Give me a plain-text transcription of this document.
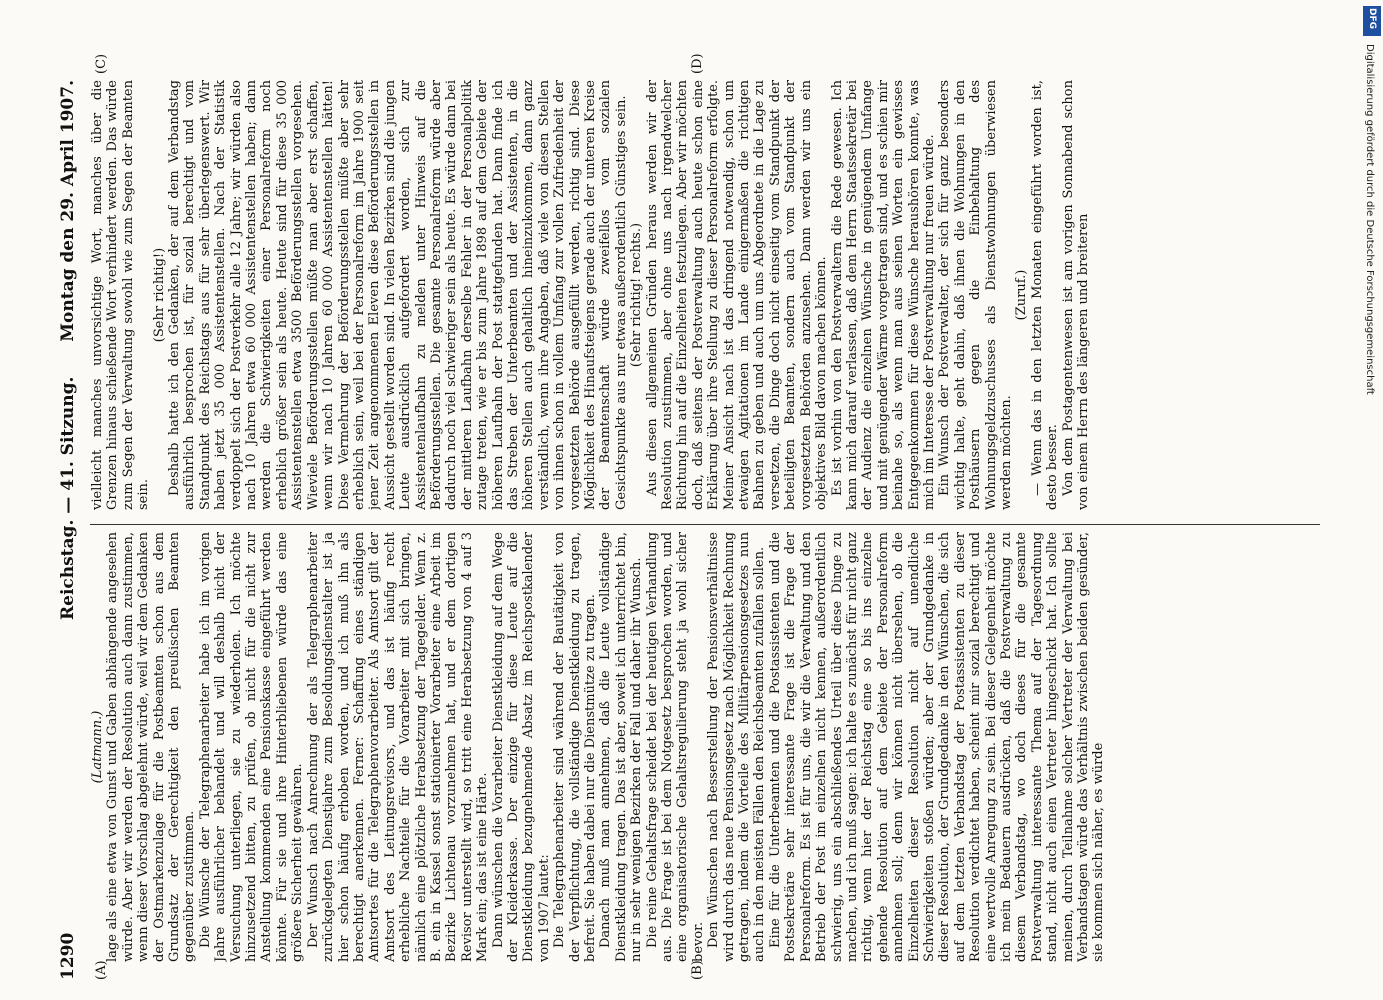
1290
Reichstag. — 41. Sitzung.
Montag den 29. April 1907.
(A)	(B)
(C)	(D)

(Latmann.) lage als eine etwa von Gunst und Gaben abhängende angesehen würde. Aber wir werden der Resolution auch dann zustimmen, wenn dieser Vorschlag abgelehnt würde, weil wir dem Gedanken der Ostmarkenzulage für die Postbeamten schon aus dem Grundsatz der Gerechtigkeit den preußischen Beamten gegenüber zustimmen. Die Wünsche der Telegraphenarbeiter habe ich im vorigen Jahre ausführlicher behandelt und will deshalb nicht der Versuchung unterliegen, sie zu wiederholen. Ich möchte hinzusetzend bitten, zu prüfen, ob nicht für die nicht zur Anstellung kommenden eine Pensionskasse eingeführt werden könnte. Für sie und ihre Hinterbliebenen würde das eine größere Sicherheit gewähren. Der Wunsch nach Anrechnung der als Telegraphenarbeiter zurückgelegten Dienstjahre zum Besoldungsdienstalter ist ja hier schon häufig erhoben worden, und ich muß ihn als berechtigt anerkennen. Ferner: Schaffung eines ständigen Amtsortes für die Telegraphenvorarbeiter. Als Amtsort gilt der Amtsort des Leitungsrevisors, und das ist häufig recht erhebliche Nachteile für die Vorarbeiter mit sich bringen, nämlich eine plötzliche Herabsetzung der Tagegelder. Wenn z. B. ein in Kassel sonst stationierter Vorarbeiter eine Arbeit im Bezirke Lichtenau vorzunehmen hat, und er dem dortigen Revisor unterstellt wird, so tritt eine Herabsetzung von 4 auf 3 Mark ein; das ist eine Härte. Dann wünschen die Vorarbeiter Dienstkleidung auf dem Wege der Kleiderkasse. Der einzige für diese Leute auf die Dienstkleidung bezugnehmende Absatz im Reichspostkalender von 1907 lautet: Die Telegraphenarbeiter sind während der Bautätigkeit von der Verpflichtung, die vollständige Dienstkleidung zu tragen, befreit. Sie haben dabei nur die Dienstmütze zu tragen. Danach muß man annehmen, daß die Leute vollständige Dienstkleidung tragen. Das ist aber, soweit ich unterrichtet bin, nur in sehr wenigen Bezirken der Fall und daher ihr Wunsch. Die reine Gehaltsfrage scheidet bei der heutigen Verhandlung aus. Die Frage ist bei dem Notgesetz besprochen worden, und eine organisatorische Gehaltsregulierung steht ja wohl sicher bevor. Den Wünschen nach Besserstellung der Pensionsverhältnisse wird durch das neue Pensionsgesetz nach Möglichkeit Rechnung getragen, indem die Vorteile des Militärpensionsgesetzes nun auch in den meisten Fällen den Reichsbeamten zufallen sollen. Eine für die Unterbeamten und die Postassistenten und die Postsekretäre sehr interessante Frage ist die Frage der Personalreform. Es ist für uns, die wir die Verwaltung und den Betrieb der Post im einzelnen nicht kennen, außerordentlich schwierig, uns ein abschließendes Urteil über diese Dinge zu machen, und ich muß sagen: ich halte es zunächst für nicht ganz richtig, wenn hier der Reichstag eine so bis ins einzelne gehende Resolution auf dem Gebiete der Personalreform annehmen soll; denn wir können nicht übersehen, ob die Einzelheiten dieser Resolution nicht auf unendliche Schwierigkeiten stoßen würden; aber der Grundgedanke in dieser Resolution, der Grundgedanke in den Wünschen, die sich auf dem letzten Verbandstag der Postassistenten zu dieser Resolution verdichtet haben, scheint mir sozial berechtigt und eine wertvolle Anregung zu sein. Bei dieser Gelegenheit möchte ich mein Bedauern ausdrücken, daß die Postverwaltung zu diesem Verbandstag, wo doch dieses für die gesamte Postverwaltung interessante Thema auf der Tagesordnung stand, nicht auch einen Vertreter hingeschickt hat. Ich sollte meinen, durch Teilnahme solcher Vertreter der Verwaltung bei Verbandstagen würde das Verhältnis zwischen beiden gesünder, sie kommen sich näher, es würde

vielleicht manches unvorsichtige Wort, manches über die Grenzen hinaus schießende Wort verhindert werden. Das würde zum Segen der Verwaltung sowohl wie zum Segen der Beamten sein.

(Sehr richtig!) Deshalb hatte ich den Gedanken, der auf dem Verbandstag ausführlich besprochen ist, für sozial berechtigt und vom Standpunkt des Reichstags aus für sehr überlegenswert. Wir haben jetzt 35 000 Assistentenstellen. Nach der Statistik verdoppelt sich der Postverkehr alle 12 Jahre; wir würden also nach 10 Jahren etwa 60 000 Assistentenstellen haben; dann werden die Schwierigkeiten einer Personalreform noch erheblich größer sein als heute. Heute sind für diese 35 000 Assistentenstellen etwa 3500 Beförderungsstellen vorgesehen. Wieviele Beförderungsstellen müßte man aber erst schaffen, wenn wir nach 10 Jahren 60 000 Assistentenstellen hätten! Diese Vermehrung der Beförderungsstellen müßte aber sehr erheblich sein, weil bei der Personalreform im Jahre 1900 seit jener Zeit angenommenen Eleven diese Beförderungsstellen in Aussicht gestellt worden sind. In vielen Bezirken sind die jungen Leute ausdrücklich aufgefordert worden, sich zur Assistentenlaufbahn zu melden unter Hinweis auf die Beförderungsstellen. Die gesamte Personalreform würde aber dadurch noch viel schwieriger sein als heute. Es würde dann bei der mittleren Laufbahn derselbe Fehler in der Personalpolitik zutage treten, wie er bis zum Jahre 1898 auf dem Gebiete der höheren Laufbahn der Post stattgefunden hat. Dann finde ich das Streben der Unterbeamten und der Assistenten, in die höheren Stellen auch gehaltlich hineinzukommen, dann ganz verständlich, wenn ihre Angaben, daß viele von diesen Stellen von ihnen schon in vollem Umfang zur vollen Zufriedenheit der vorgesetzten Behörde ausgefüllt werden, richtig sind. Diese Möglichkeit des Hinaufsteigens gerade auch der unteren Kreise der Beamtenschaft würde zweifellos vom sozialen Gesichtspunkte aus nur etwas außerordentlich Günstiges sein. (Sehr richtig! rechts.) Aus diesen allgemeinen Gründen heraus werden wir der Resolution zustimmen, aber ohne uns nach irgendwelcher Richtung hin auf die Einzelheiten festzulegen. Aber wir möchten doch, daß seitens der Postverwaltung auch heute schon eine Erklärung über ihre Stellung zu dieser Personalreform erfolgte. Meiner Ansicht nach ist das dringend notwendig, schon um etwaigen Agitationen im Lande einigermaßen die richtigen Bahnen zu geben und auch um uns Abgeordnete in die Lage zu versetzen, die Dinge doch nicht einseitig vom Standpunkt der beteiligten Beamten, sondern auch vom Standpunkt der vorgesetzten Behörden anzusehen. Dann werden wir uns ein objektives Bild davon machen können. Es ist vorhin von den Postverwaltern die Rede gewesen. Ich kann mich darauf verlassen, daß dem Herrn Staatssekretär bei der Audienz die einzelnen Wünsche in genügendem Umfange und mit genügender Wärme vorgetragen sind, und es schien mir beinahe so, als wenn man aus seinen Worten ein gewisses Entgegenkommen für diese Wünsche heraushören konnte, was mich im Interesse der Postverwaltung nur freuen würde. Ein Wunsch der Postverwalter, der sich für ganz besonders wichtig halte, geht dahin, daß ihnen die Wohnungen in den Posthäusern gegen die Einbehaltung des Wohnungsgeldzuschusses als Dienstwohnungen überwiesen werden möchten.

(Zuruf.) — Wenn das in den letzten Monaten eingeführt worden ist, desto besser. Von dem Postagentenwesen ist am vorigen Sonnabend schon von einem Herrn des längeren und breiteren

DFG
Digitalisierung gefördert durch die Deutsche Forschungsgemeinschaft
